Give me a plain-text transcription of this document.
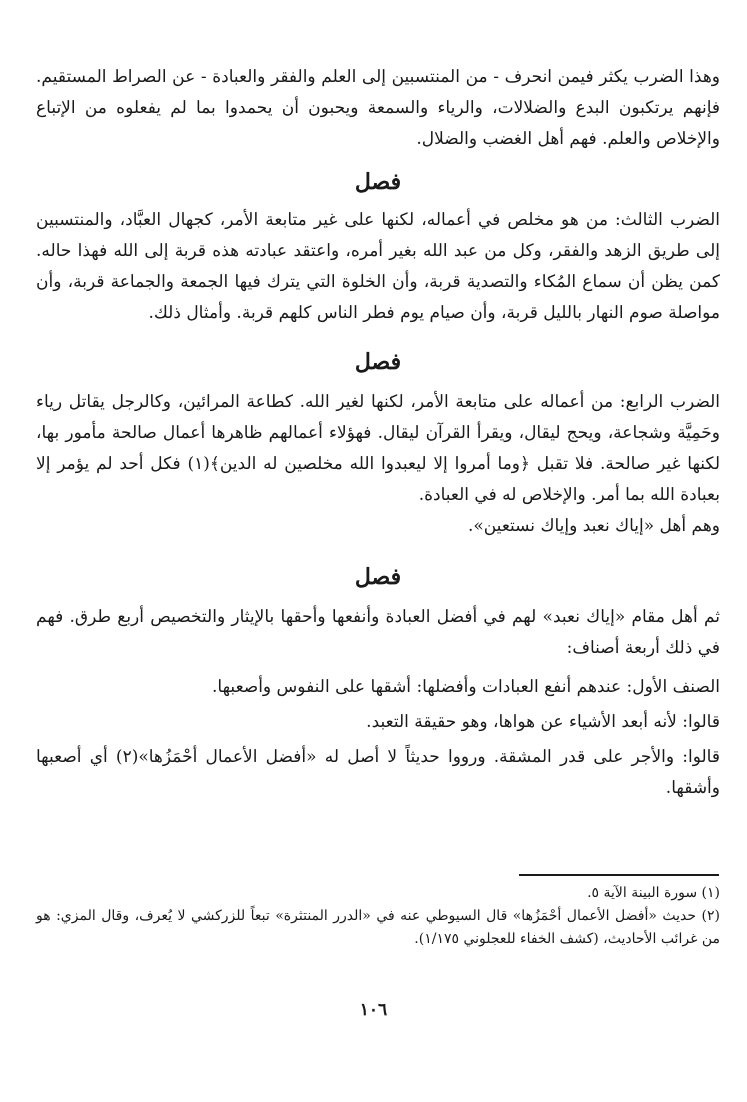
وهذا الضرب يكثر فيمن انحرف - من المنتسبين إلى العلم والفقر والعبادة - عن الصراط المستقيم. فإنهم يرتكبون البدع والضلالات، والرياء والسمعة ويحبون أن يحمدوا بما لم يفعلوه من الإتباع والإخلاص والعلم. فهم أهل الغضب والضلال.

فصل

الضرب الثالث: من هو مخلص في أعماله، لكنها على غير متابعة الأمر، كجهال العبَّاد، والمنتسبين إلى طريق الزهد والفقر، وكل من عبد الله بغير أمره، واعتقد عبادته هذه قربة إلى الله فهذا حاله. كمن يظن أن سماع المُكاء والتصدية قربة، وأن الخلوة التي يترك فيها الجمعة والجماعة قربة، وأن مواصلة صوم النهار بالليل قربة، وأن صيام يوم فطر الناس كلهم قربة. وأمثال ذلك.

فصل

الضرب الرابع: من أعماله على متابعة الأمر، لكنها لغير الله. كطاعة المرائين، وكالرجل يقاتل رياء وحَمِيَّة وشجاعة، ويحج ليقال، ويقرأ القرآن ليقال. فهؤلاء أعمالهم ظاهرها أعمال صالحة مأمور بها، لكنها غير صالحة. فلا تقبل ﴿وما أمروا إلا ليعبدوا الله مخلصين له الدين﴾(١) فكل أحد لم يؤمر إلا بعبادة الله بما أمر. والإخلاص له في العبادة.

وهم أهل «إياك نعبد وإياك نستعين».

فصل

ثم أهل مقام «إياك نعبد» لهم في أفضل العبادة وأنفعها وأحقها بالإيثار والتخصيص أربع طرق. فهم في ذلك أربعة أصناف:

الصنف الأول: عندهم أنفع العبادات وأفضلها: أشقها على النفوس وأصعبها.

قالوا: لأنه أبعد الأشياء عن هواها، وهو حقيقة التعبد.

قالوا: والأجر على قدر المشقة. ورووا حديثاً لا أصل له «أفضل الأعمال أحْمَزُها»(٢) أي أصعبها وأشقها.

(١) سورة البينة الآية ٥.

(٢) حديث «أفضل الأعمال أحْمَزُها» قال السيوطي عنه في «الدرر المنتثرة» تبعاً للزركشي لا يُعرف، وقال المزي: هو من غرائب الأحاديث، (كشف الخفاء للعجلوني ١/١٧٥).

١٠٦
